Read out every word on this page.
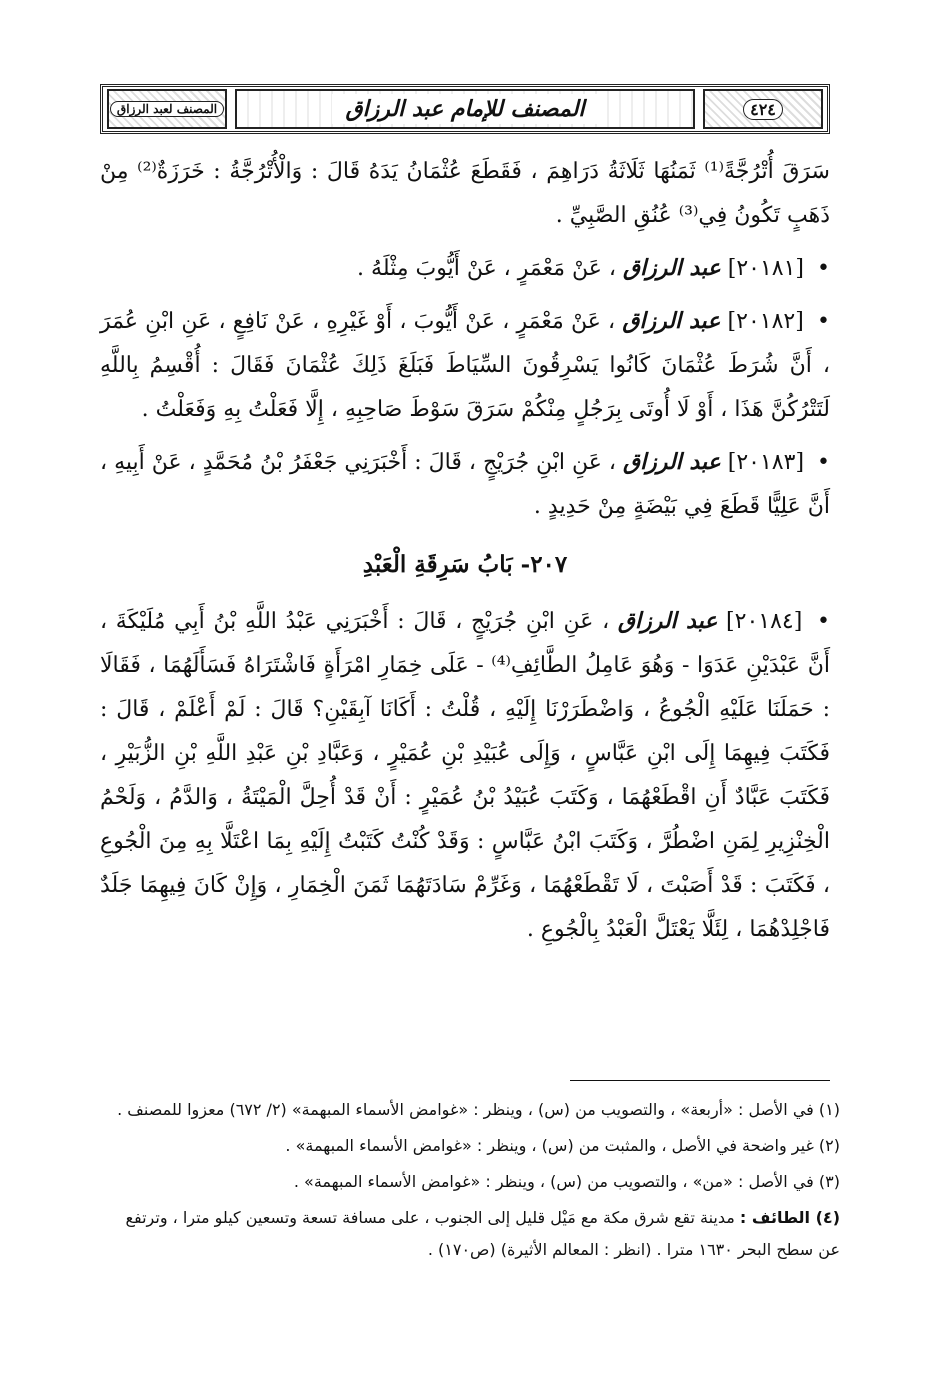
٤٢٤
المصنف للإمام عبد الرزاق
المصنف لعبد الرزاق

سَرَقَ أُتْرُجَّةً⁽¹⁾ ثَمَنُهَا ثَلَاثَةُ دَرَاهِمَ ، فَقَطَعَ عُثْمَانُ يَدَهُ قَالَ : وَالْأُتْرُجَّةُ : خَرَزَةٌ⁽²⁾ مِنْ ذَهَبٍ تَكُونُ فِي⁽³⁾ عُنُقِ الصَّبِيِّ .

• [٢٠١٨١] عبد الرزاق ، عَنْ مَعْمَرٍ ، عَنْ أَيُّوبَ مِثْلَهُ .

• [٢٠١٨٢] عبد الرزاق ، عَنْ مَعْمَرٍ ، عَنْ أَيُّوبَ ، أَوْ غَيْرِهِ ، عَنْ نَافِعٍ ، عَنِ ابْنِ عُمَرَ ، أَنَّ شُرَطَ عُثْمَانَ كَانُوا يَسْرِقُونَ السِّيَاطَ فَبَلَغَ ذَلِكَ عُثْمَانَ فَقَالَ : أُقْسِمُ بِاللَّهِ لَتَتْرُكُنَّ هَذَا ، أَوْ لَا أُوتَى بِرَجُلٍ مِنْكُمْ سَرَقَ سَوْطَ صَاحِبِهِ ، إِلَّا فَعَلْتُ بِهِ وَفَعَلْتُ .

• [٢٠١٨٣] عبد الرزاق ، عَنِ ابْنِ جُرَيْجٍ ، قَالَ : أَخْبَرَنِي جَعْفَرُ بْنُ مُحَمَّدٍ ، عَنْ أَبِيهِ ، أَنَّ عَلِيًّا قَطَعَ فِي بَيْضَةٍ مِنْ حَدِيدٍ .

٢٠٧- بَابُ سَرِقَةِ الْعَبْدِ

• [٢٠١٨٤] عبد الرزاق ، عَنِ ابْنِ جُرَيْجٍ ، قَالَ : أَخْبَرَنِي عَبْدُ اللَّهِ بْنُ أَبِي مُلَيْكَةَ ، أَنَّ عَبْدَيْنِ عَدَوَا - وَهُوَ عَامِلُ الطَّائِفِ⁽⁴⁾ - عَلَى خِمَارِ امْرَأَةٍ فَاشْتَرَاهُ فَسَأَلَهُمَا ، فَقَالَا : حَمَلَنَا عَلَيْهِ الْجُوعُ ، وَاضْطَرَرْنَا إِلَيْهِ ، قُلْتُ : أَكَانَا آبِقَيْنِ؟ قَالَ : لَمْ أَعْلَمْ ، قَالَ : فَكَتَبَ فِيهِمَا إِلَى ابْنِ عَبَّاسٍ ، وَإِلَى عُبَيْدِ بْنِ عُمَيْرٍ ، وَعَبَّادِ بْنِ عَبْدِ اللَّهِ بْنِ الزُّبَيْرِ ، فَكَتَبَ عَبَّادٌ أَنِ اقْطَعْهُمَا ، وَكَتَبَ عُبَيْدُ بْنُ عُمَيْرٍ : أَنْ قَدْ أُحِلَّ الْمَيْتَةُ ، وَالدَّمُ ، وَلَحْمُ الْخِنْزِيرِ لِمَنِ اضْطُرَّ ، وَكَتَبَ ابْنُ عَبَّاسٍ : وَقَدْ كُنْتُ كَتَبْتُ إِلَيْهِ بِمَا اعْتَلَّا بِهِ مِنَ الْجُوعِ ، فَكَتَبَ : قَدْ أَصَبْتَ ، لَا تَقْطَعْهُمَا ، وَغَرِّمْ سَادَتَهُمَا ثَمَنَ الْخِمَارِ ، وَإِنْ كَانَ فِيهِمَا جَلَدٌ فَاجْلِدْهُمَا ، لِئَلَّا يَعْتَلَّ الْعَبْدُ بِالْجُوعِ .

(١) في الأصل : «أربعة» ، والتصويب من (س) ، وينظر : «غوامض الأسماء المبهمة» (٢/ ٦٧٢) معزوا للمصنف .

(٢) غير واضحة في الأصل ، والمثبت من (س) ، وينظر : «غوامض الأسماء المبهمة» .

(٣) في الأصل : «من» ، والتصويب من (س) ، وينظر : «غوامض الأسماء المبهمة» .

(٤) الطائف : مدينة تقع شرق مكة مع مَيْل قليل إلى الجنوب ، على مسافة تسعة وتسعين كيلو مترا ، وترتفع عن سطح البحر ١٦٣٠ مترا . (انظر : المعالم الأثيرة) (ص١٧٠) .
